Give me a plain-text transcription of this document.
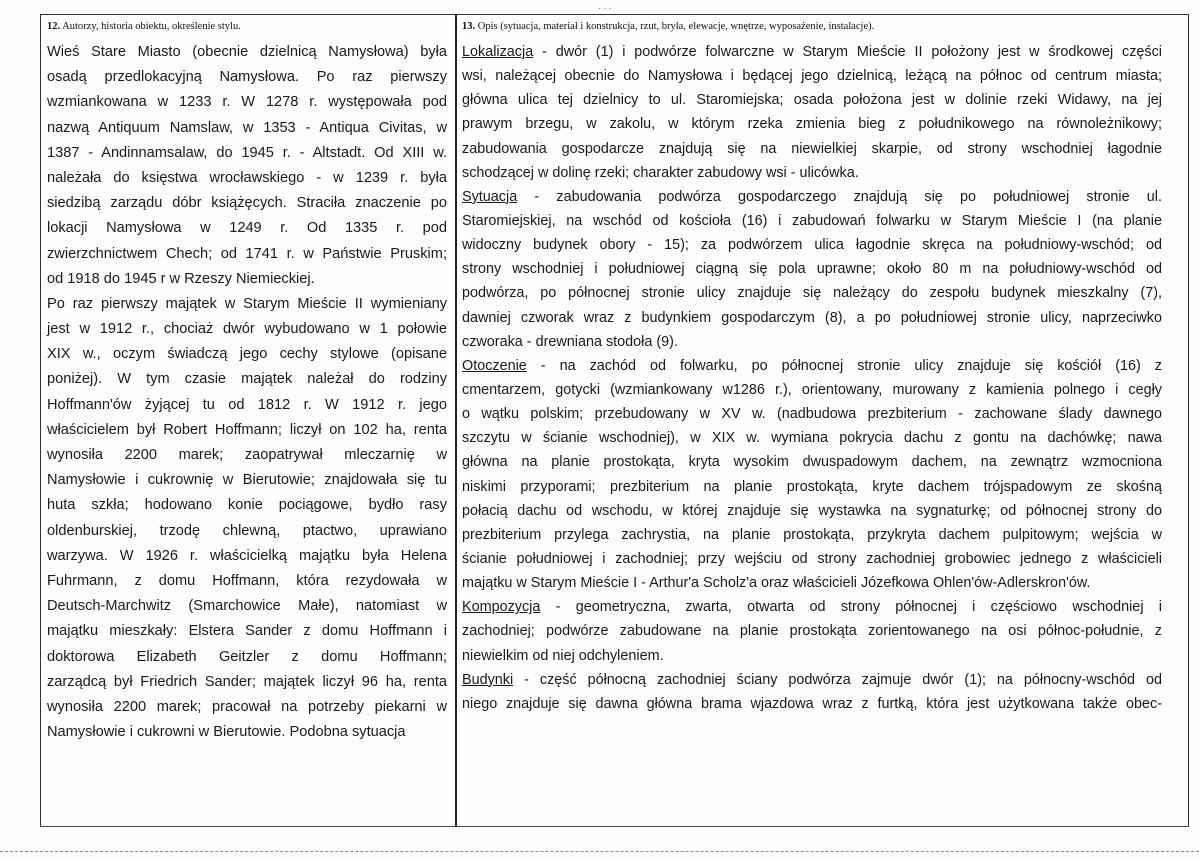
···
12. Autorzy, historia obiektu, określenie stylu.
Wieś Stare Miasto (obecnie dzielnicą Namysłowa) była
osadą przedlokacyjną Namysłowa. Po raz pierwszy
wzmiankowana w 1233 r. W 1278 r. występowała pod
nazwą Antiquum Namslaw, w 1353 - Antiqua Civitas, w
1387 - Andinnamsalaw, do 1945 r. - Altstadt. Od XIII w.
należała do księstwa wrocławskiego - w 1239 r. była
siedzibą zarządu dóbr książęcych. Straciła znaczenie po
lokacji Namysłowa w 1249 r. Od 1335 r. pod
zwierzchnictwem Chech; od 1741 r. w Państwie Pruskim;
od 1918 do 1945 r w Rzeszy Niemieckiej.
Po raz pierwszy majątek w Starym Mieście II wymieniany
jest w 1912 r., chociaż dwór wybudowano w 1 połowie
XIX w., oczym świadczą jego cechy stylowe (opisane
poniżej). W tym czasie majątek należał do rodziny
Hoffmann'ów żyjącej tu od 1812 r. W 1912 r. jego
właścicielem był Robert Hoffmann; liczył on 102 ha, renta
wynosiła 2200 marek; zaopatrywał mleczarnię w
Namysłowie i cukrownię w Bierutowie; znajdowała się tu
huta szkła; hodowano konie pociągowe, bydło rasy
oldenburskiej, trzodę chlewną, ptactwo, uprawiano
warzywa. W 1926 r. właścicielką majątku była Helena
Fuhrmann, z domu Hoffmann, która rezydowała w
Deutsch-Marchwitz (Smarchowice Małe), natomiast w
majątku mieszkały: Elstera Sander z domu Hoffmann i
doktorowa Elizabeth Geitzler z domu Hoffmann;
zarządcą był Friedrich Sander; majątek liczył 96 ha, renta
wynosiła 2200 marek; pracował na potrzeby piekarni w
Namysłowie i cukrowni w Bierutowie. Podobna sytuacja
13. Opis (sytuacja, materiał i konstrukcja, rzut, bryła, elewacje, wnętrze, wyposażenie, instalacje).
Lokalizacja - dwór (1) i podwórze folwarczne w Starym Mieście II położony jest w środkowej części
wsi, należącej obecnie do Namysłowa i będącej jego dzielnicą, leżącą na północ od centrum miasta;
główna ulica tej dzielnicy to ul. Staromiejska; osada położona jest w dolinie rzeki Widawy, na jej
prawym brzegu, w zakolu, w którym rzeka zmienia bieg z południkowego na równoleżnikowy;
zabudowania gospodarcze znajdują się na niewielkiej skarpie, od strony wschodniej łagodnie
schodzącej w dolinę rzeki; charakter zabudowy wsi - ulicówka.
Sytuacja - zabudowania podwórza gospodarczego znajdują się po południowej stronie ul.
Staromiejskiej, na wschód od kościoła (16) i zabudowań folwarku w Starym Mieście I (na planie
widoczny budynek obory - 15); za podwórzem ulica łagodnie skręca na południowy-wschód; od
strony wschodniej i południowej ciągną się pola uprawne; około 80 m na południowy-wschód od
podwórza, po północnej stronie ulicy znajduje się należący do zespołu budynek mieszkalny (7),
dawniej czworak wraz z budynkiem gospodarczym (8), a po południowej stronie ulicy, naprzeciwko
czworaka - drewniana stodoła (9).
Otoczenie - na zachód od folwarku, po północnej stronie ulicy znajduje się kościół (16) z
cmentarzem, gotycki (wzmiankowany w1286 r.), orientowany, murowany z kamienia polnego i cegły
o wątku polskim; przebudowany w XV w. (nadbudowa prezbiterium - zachowane ślady dawnego
szczytu w ścianie wschodniej), w XIX w. wymiana pokrycia dachu z gontu na dachówkę; nawa
główna na planie prostokąta, kryta wysokim dwuspadowym dachem, na zewnątrz wzmocniona
niskimi przyporami; prezbiterium na planie prostokąta, kryte dachem trójspadowym ze skośną
połacią dachu od wschodu, w której znajduje się wystawka na sygnaturkę; od północnej strony do
prezbiterium przylega zachrystia, na planie prostokąta, przykryta dachem pulpitowym; wejścia w
ścianie południowej i zachodniej; przy wejściu od strony zachodniej grobowiec jednego z właścicieli
majątku w Starym Mieście I - Arthur'a Scholz'a oraz właścicieli Józefkowa Ohlen'ów-Adlerskron'ów.
Kompozycja - geometryczna, zwarta, otwarta od strony północnej i częściowo wschodniej i
zachodniej; podwórze zabudowane na planie prostokąta zorientowanego na osi północ-południe, z
niewielkim od niej odchyleniem.
Budynki - część północną zachodniej ściany podwórza zajmuje dwór (1); na północny-wschód od
niego znajduje się dawna główna brama wjazdowa wraz z furtką, która jest użytkowana także obec-
